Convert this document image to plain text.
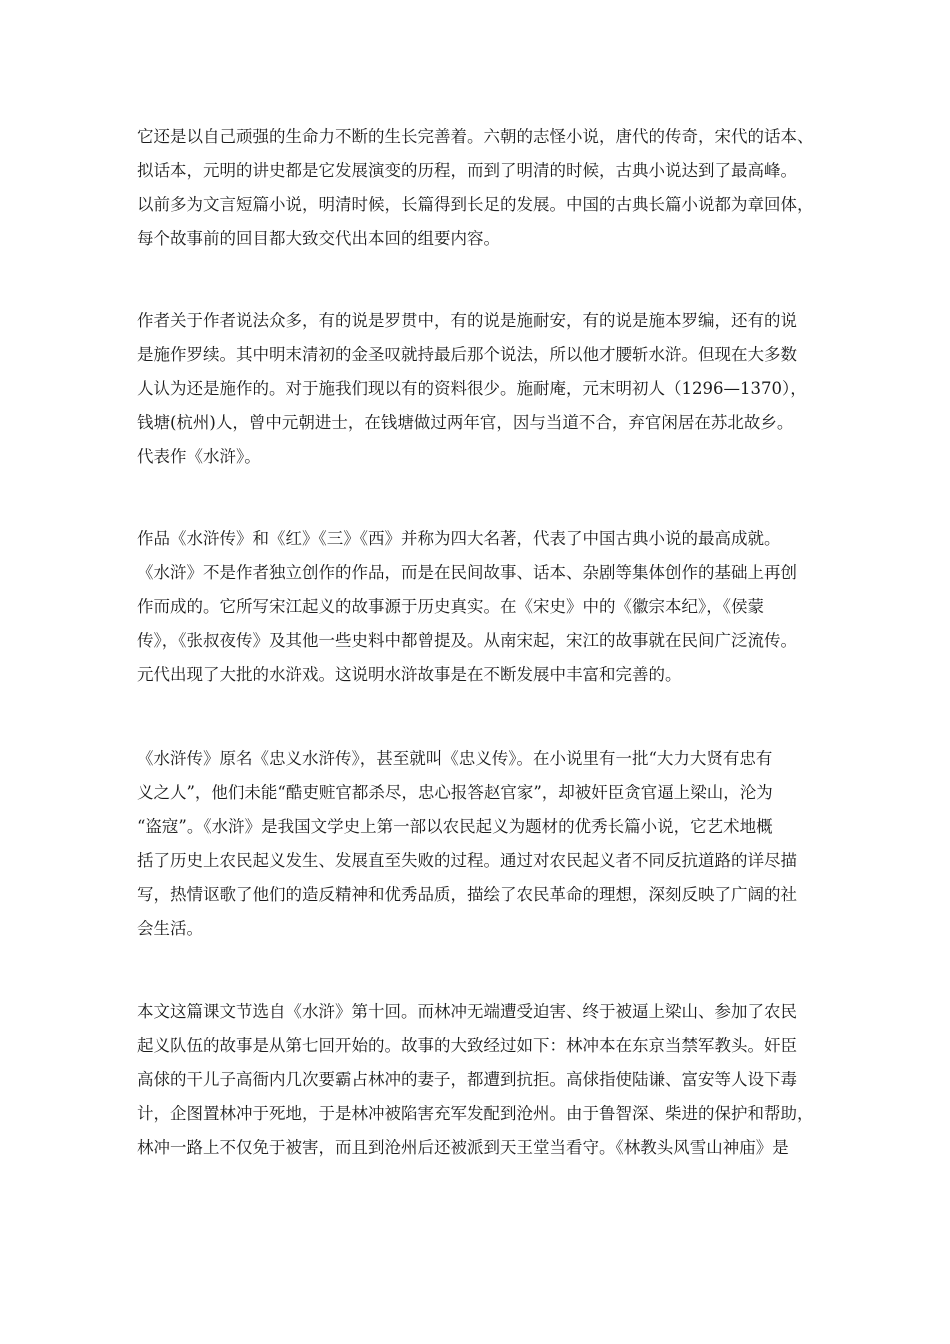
它还是以自己顽强的生命力不断的生长完善着。六朝的志怪小说，唐代的传奇，宋代的话本、
拟话本，元明的讲史都是它发展演变的历程，而到了明清的时候，古典小说达到了最高峰。
以前多为文言短篇小说，明清时候，长篇得到长足的发展。中国的古典长篇小说都为章回体，
每个故事前的回目都大致交代出本回的组要内容。
作者关于作者说法众多，有的说是罗贯中，有的说是施耐安，有的说是施本罗编，还有的说
是施作罗续。其中明末清初的金圣叹就持最后那个说法，所以他才腰斩水浒。但现在大多数
人认为还是施作的。对于施我们现以有的资料很少。施耐庵，元末明初人（1296—1370），
钱塘(杭州)人，曾中元朝进士，在钱塘做过两年官，因与当道不合，弃官闲居在苏北故乡。
代表作《水浒》。
作品《水浒传》和《红》《三》《西》并称为四大名著，代表了中国古典小说的最高成就。
《水浒》不是作者独立创作的作品，而是在民间故事、话本、杂剧等集体创作的基础上再创
作而成的。它所写宋江起义的故事源于历史真实。在《宋史》中的《徽宗本纪》，《侯蒙
传》，《张叔夜传》及其他一些史料中都曾提及。从南宋起，宋江的故事就在民间广泛流传。
元代出现了大批的水浒戏。这说明水浒故事是在不断发展中丰富和完善的。
《水浒传》原名《忠义水浒传》，甚至就叫《忠义传》。在小说里有一批“大力大贤有忠有
义之人”，他们未能“酷吏赃官都杀尽，忠心报答赵官家”，却被奸臣贪官逼上梁山，沦为
“盗寇”。《水浒》是我国文学史上第一部以农民起义为题材的优秀长篇小说，它艺术地概
括了历史上农民起义发生、发展直至失败的过程。通过对农民起义者不同反抗道路的详尽描
写，热情讴歌了他们的造反精神和优秀品质，描绘了农民革命的理想，深刻反映了广阔的社
会生活。
本文这篇课文节选自《水浒》第十回。而林冲无端遭受迫害、终于被逼上梁山、参加了农民
起义队伍的故事是从第七回开始的。故事的大致经过如下：林冲本在东京当禁军教头。奸臣
高俅的干儿子高衙内几次要霸占林冲的妻子，都遭到抗拒。高俅指使陆谦、富安等人设下毒
计，企图置林冲于死地，于是林冲被陷害充军发配到沧州。由于鲁智深、柴进的保护和帮助，
林冲一路上不仅免于被害，而且到沧州后还被派到天王堂当看守。《林教头风雪山神庙》是
